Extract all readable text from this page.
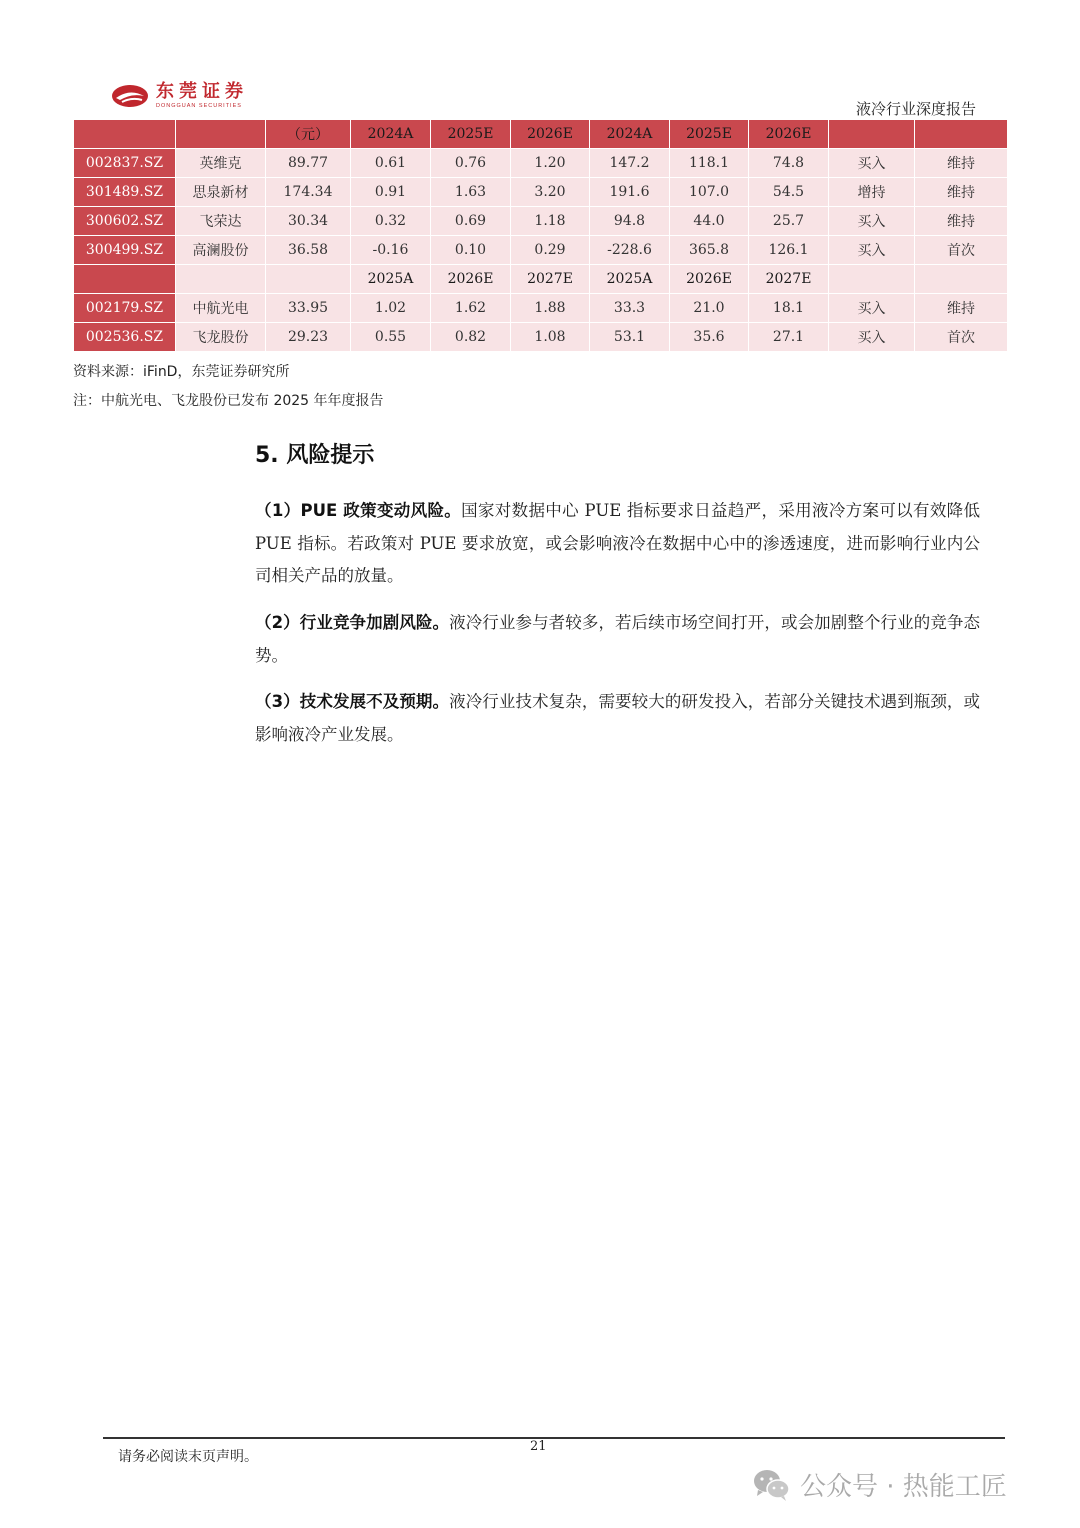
东莞证券
DONGGUAN SECURITIES	液冷行业深度报告
		（元）	2024A	2025E	2026E	2024A	2025E	2026E		
002837.SZ	英维克	89.77	0.61	0.76	1.20	147.2	118.1	74.8	买入	维持
301489.SZ	思泉新材	174.34	0.91	1.63	3.20	191.6	107.0	54.5	增持	维持
300602.SZ	飞荣达	30.34	0.32	0.69	1.18	94.8	44.0	25.7	买入	维持
300499.SZ	高澜股份	36.58	-0.16	0.10	0.29	-228.6	365.8	126.1	买入	首次
			2025A	2026E	2027E	2025A	2026E	2027E		
002179.SZ	中航光电	33.95	1.02	1.62	1.88	33.3	21.0	18.1	买入	维持
002536.SZ	飞龙股份	29.23	0.55	0.82	1.08	53.1	35.6	27.1	买入	首次
资料来源：iFinD，东莞证券研究所
注：中航光电、飞龙股份已发布 2025 年年度报告
5. 风险提示
（1）PUE 政策变动风险。国家对数据中心 PUE 指标要求日益趋严，采用液冷方案可以有效降低 PUE 指标。若政策对 PUE 要求放宽，或会影响液冷在数据中心中的渗透速度，进而影响行业内公司相关产品的放量。
（2）行业竞争加剧风险。液冷行业参与者较多，若后续市场空间打开，或会加剧整个行业的竞争态势。
（3）技术发展不及预期。液冷行业技术复杂，需要较大的研发投入，若部分关键技术遇到瓶颈，或影响液冷产业发展。
21
请务必阅读末页声明。
公众号 · 热能工匠
